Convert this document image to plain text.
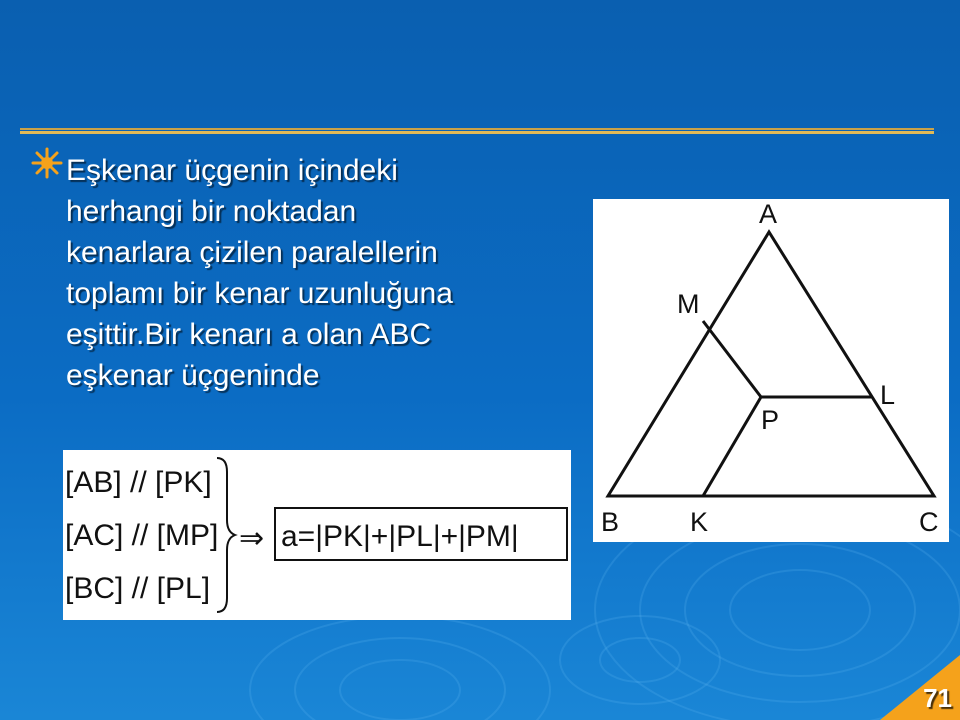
Eşkenar üçgenin içindeki
herhangi bir noktadan
kenarlara çizilen paralellerin
toplamı bir kenar uzunluğuna
eşittir.Bir kenarı a olan ABC
eşkenar üçgeninde
[AB] // [PK]
[AC] // [MP]
[BC] // [PL]
⇒ a=|PK|+|PL|+|PM|
A
B	C
K
L
M
P
71
